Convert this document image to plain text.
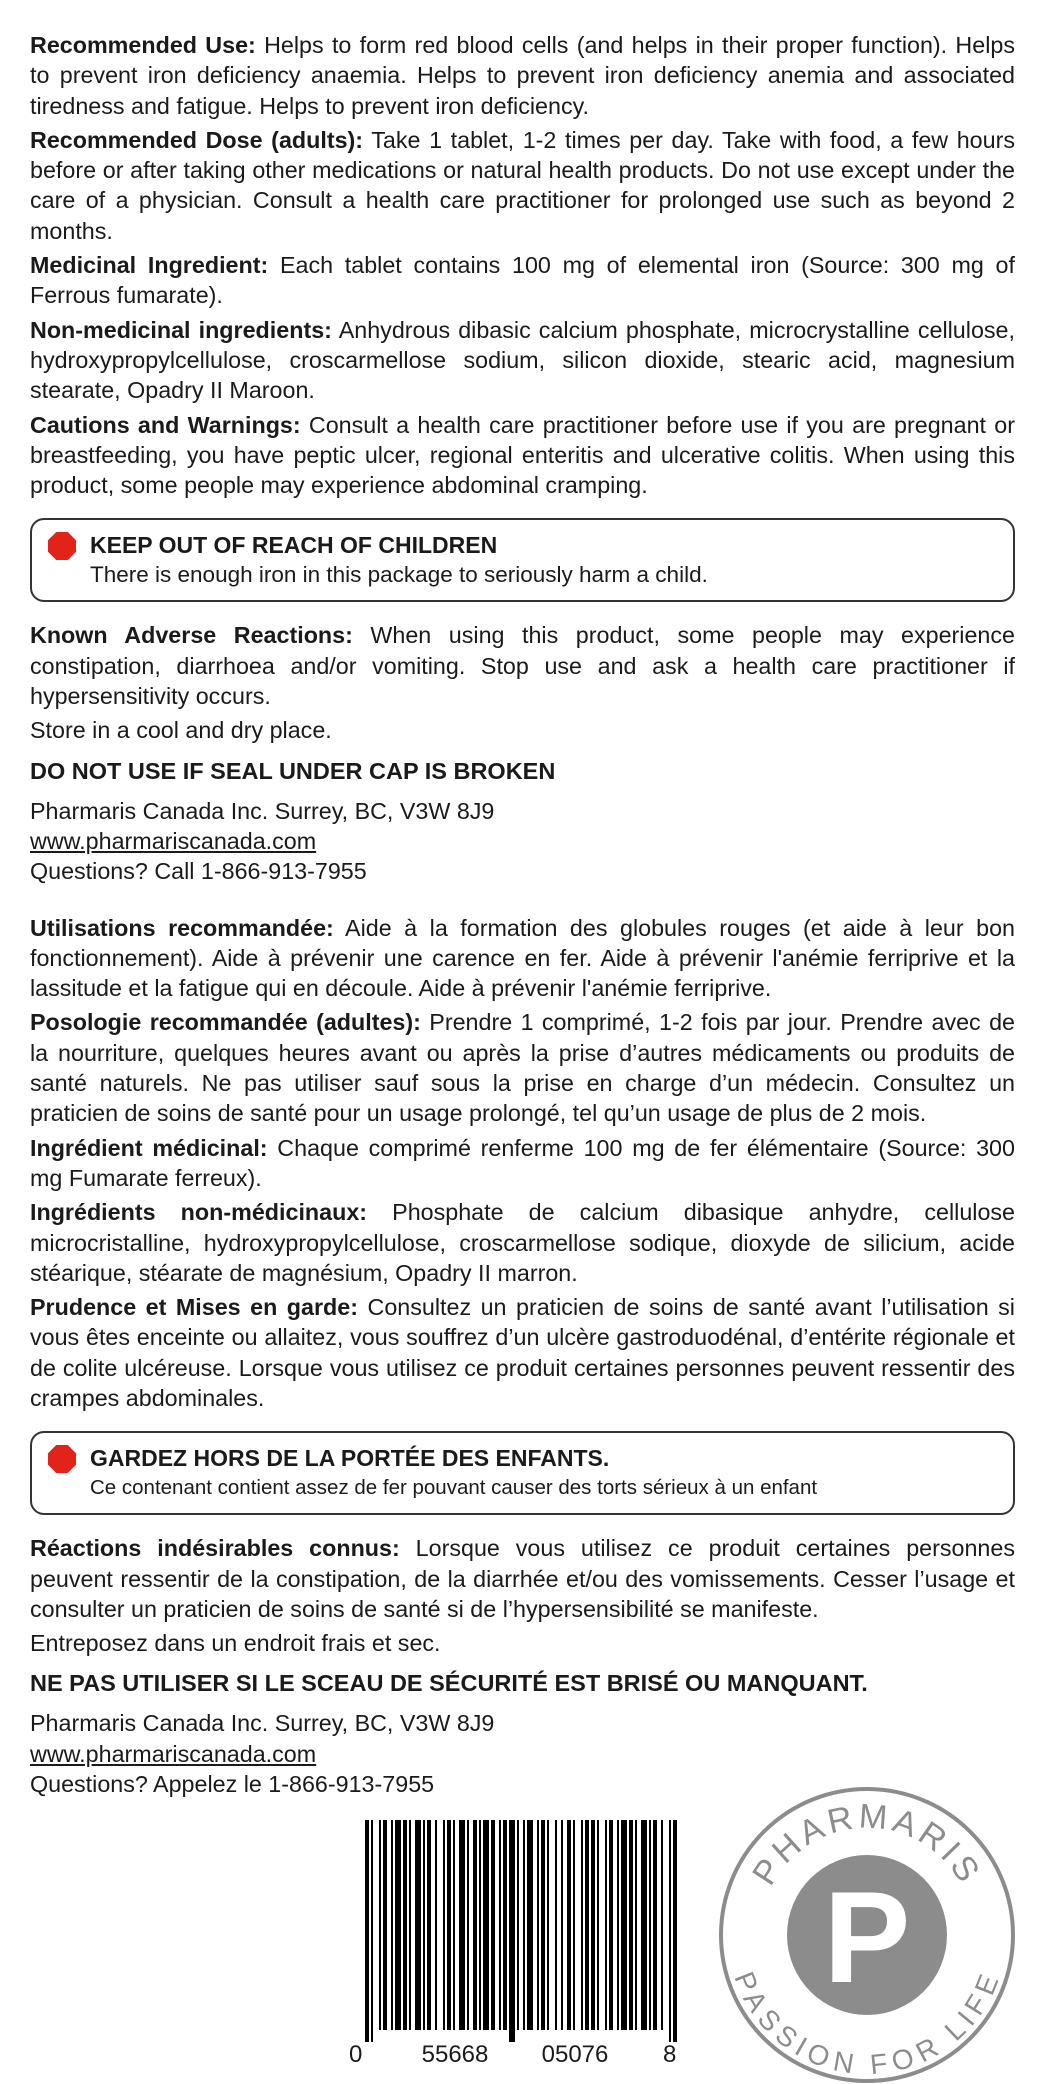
Recommended Use: Helps to form red blood cells (and helps in their proper function). Helps to prevent iron deficiency anaemia. Helps to prevent iron deficiency anemia and associated tiredness and fatigue. Helps to prevent iron deficiency.

Recommended Dose (adults): Take 1 tablet, 1-2 times per day. Take with food, a few hours before or after taking other medications or natural health products. Do not use except under the care of a physician. Consult a health care practitioner for prolonged use such as beyond 2 months.

Medicinal Ingredient: Each tablet contains 100 mg of elemental iron (Source: 300 mg of Ferrous fumarate).

Non-medicinal ingredients: Anhydrous dibasic calcium phosphate, microcrystalline cellulose, hydroxypropylcellulose, croscarmellose sodium, silicon dioxide, stearic acid, magnesium stearate, Opadry II Maroon.

Cautions and Warnings: Consult a health care practitioner before use if you are pregnant or breastfeeding, you have peptic ulcer, regional enteritis and ulcerative colitis. When using this product, some people may experience abdominal cramping.

KEEP OUT OF REACH OF CHILDREN
There is enough iron in this package to seriously harm a child.

Known Adverse Reactions: When using this product, some people may experience constipation, diarrhoea and/or vomiting. Stop use and ask a health care practitioner if hypersensitivity occurs.

Store in a cool and dry place.

DO NOT USE IF SEAL UNDER CAP IS BROKEN
Pharmaris Canada Inc. Surrey, BC, V3W 8J9
www.pharmariscanada.com
Questions? Call 1-866-913-7955

Utilisations recommandée: Aide à la formation des globules rouges (et aide à leur bon fonctionnement). Aide à prévenir une carence en fer. Aide à prévenir l'anémie ferriprive et la lassitude et la fatigue qui en découle. Aide à prévenir l'anémie ferriprive.

Posologie recommandée (adultes): Prendre 1 comprimé, 1-2 fois par jour. Prendre avec de la nourriture, quelques heures avant ou après la prise d’autres médicaments ou produits de santé naturels. Ne pas utiliser sauf sous la prise en charge d’un médecin. Consultez un praticien de soins de santé pour un usage prolongé, tel qu’un usage de plus de 2 mois.

Ingrédient médicinal: Chaque comprimé renferme 100 mg de fer élémentaire (Source: 300 mg Fumarate ferreux).

Ingrédients non-médicinaux: Phosphate de calcium dibasique anhydre, cellulose microcristalline, hydroxypropylcellulose, croscarmellose sodique, dioxyde de silicium, acide stéarique, stéarate de magnésium, Opadry II marron.

Prudence et Mises en garde: Consultez un praticien de soins de santé avant l’utilisation si vous êtes enceinte ou allaitez, vous souffrez d’un ulcère gastroduodénal, d’entérite régionale et de colite ulcéreuse. Lorsque vous utilisez ce produit certaines personnes peuvent ressentir des crampes abdominales.

GARDEZ HORS DE LA PORTÉE DES ENFANTS.
Ce contenant contient assez de fer pouvant causer des torts sérieux à un enfant

Réactions indésirables connus: Lorsque vous utilisez ce produit certaines personnes peuvent ressentir de la constipation, de la diarrhée et/ou des vomissements. Cesser l’usage et consulter un praticien de soins de santé si de l’hypersensibilité se manifeste.

Entreposez dans un endroit frais et sec.

NE PAS UTILISER SI LE SCEAU DE SÉCURITÉ EST BRISÉ OU MANQUANT.
Pharmaris Canada Inc. Surrey, BC, V3W 8J9
www.pharmariscanada.com
Questions? Appelez le 1-866-913-7955
0 55668 05076 8
PHARMARIS
PASSION FOR LIFE
P
